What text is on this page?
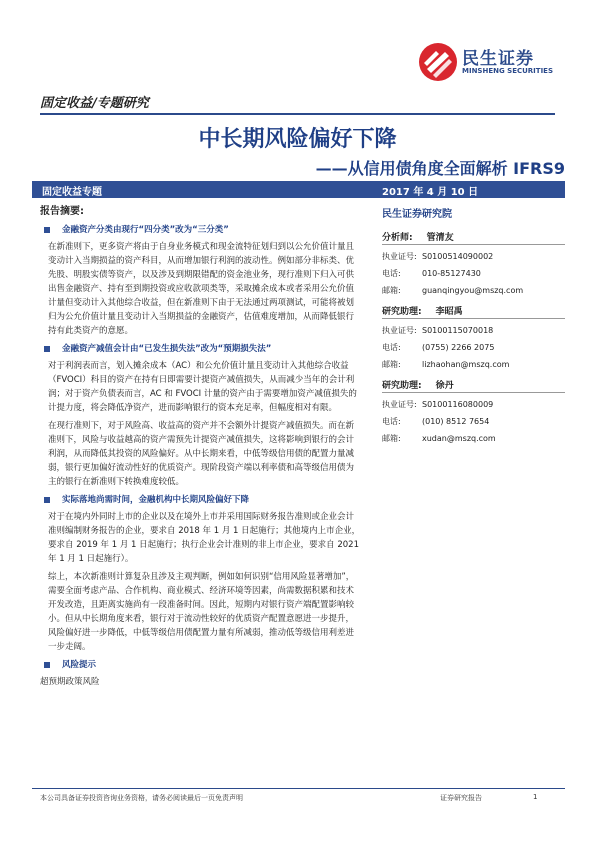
民生证券
MINSHENG SECURITIES
固定收益/专题研究
中长期风险偏好下降
——从信用债角度全面解析 IFRS9
固定收益专题	2017 年 4 月 10 日
报告摘要:
金融资产分类由现行“四分类”改为“三分类”
在新准则下，更多资产将由于自身业务模式和现金流特征划归到以公允价值计量且变动计入当期损益的资产科目，从而增加银行利润的波动性。例如部分非标类、优先股、明股实债等资产，以及涉及到期限错配的资金池业务，现行准则下归入可供出售金融资产、持有至到期投资或应收款项类等，采取摊余成本或者采用公允价值计量但变动计入其他综合收益，但在新准则下由于无法通过两项测试，可能将被划归为公允价值计量且变动计入当期损益的金融资产，估值难度增加，从而降低银行持有此类资产的意愿。
金融资产减值会计由“已发生损失法”改为“预期损失法”
对于利润表而言，划入摊余成本（AC）和公允价值计量且变动计入其他综合收益（FVOCI）科目的资产在持有日即需要计提资产减值损失，从而减少当年的会计利润；对于资产负债表而言，AC 和 FVOCI 计量的资产由于需要增加资产减值损失的计提力度，将会降低净资产，进而影响银行的资本充足率，但幅度相对有限。
在现行准则下，对于风险高、收益高的资产并不会额外计提资产减值损失。而在新准则下，风险与收益越高的资产需预先计提资产减值损失，这将影响到银行的会计利润，从而降低其投资的风险偏好。从中长期来看，中低等级信用债的配置力量减弱，银行更加偏好流动性好的优质资产。现阶段资产端以利率债和高等级信用债为主的银行在新准则下转换难度较低。
实际落地尚需时间，金融机构中长期风险偏好下降
对于在境内外同时上市的企业以及在境外上市并采用国际财务报告准则或企业会计准则编制财务报告的企业，要求自 2018 年 1 月 1 日起施行；其他境内上市企业，要求自 2019 年 1 月 1 日起施行；执行企业会计准则的非上市企业，要求自 2021 年 1 月 1 日起施行）。
综上，本次新准则计算复杂且涉及主观判断，例如如何识别“信用风险显著增加”，需要全面考虑产品、合作机构、商业模式、经济环境等因素，尚需数据积累和技术开发改造，且距离实施尚有一段准备时间。因此，短期内对银行资产端配置影响较小。但从中长期角度来看，银行对于流动性较好的优质资产配置意愿进一步提升，风险偏好进一步降低，中低等级信用债配置力量有所减弱，推动低等级信用利差进一步走阔。
风险提示
超预期政策风险
民生证券研究院
分析师: 管清友
执业证号: S0100514090002
电话:	010-85127430
邮箱:	guanqingyou@mszq.com
研究助理: 李昭禹
执业证号: S0100115070018
电话:	(0755) 2266 2075
邮箱:	lizhaohan@mszq.com
研究助理: 徐丹
执业证号: S0100116080009
电话:	(010) 8512 7654
邮箱:	xudan@mszq.com
本公司具备证券投资咨询业务资格，请务必阅读最后一页免责声明	证券研究报告	1
